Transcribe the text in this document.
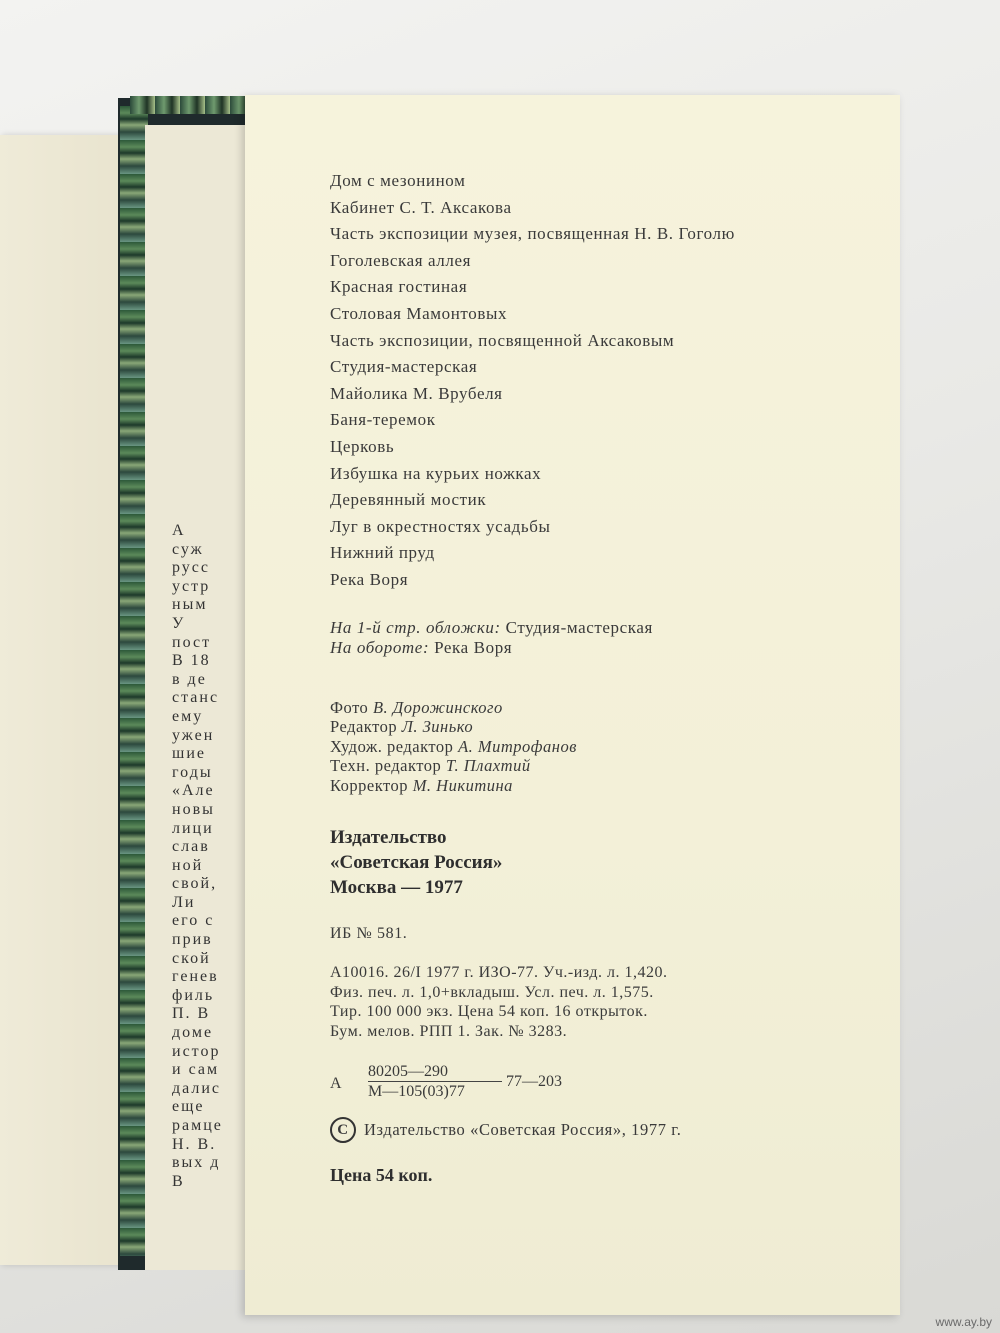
А
суж
русс
устр
ным
У
пост
В 18
в де
станс
ему
ужен
шие
годы
«Але
новы
лици
слав
ной
свой,
Ли
его с
прив
ской
генев
филь
П. В
доме
истор
и сам
далис
еще
рамце
Н. В.
вых д
В
Дом с мезонином
Кабинет С. Т. Аксакова
Часть экспозиции музея, посвященная Н. В. Гоголю
Гоголевская аллея
Красная гостиная
Столовая Мамонтовых
Часть экспозиции, посвященной Аксаковым
Студия-мастерская
Майолика М. Врубеля
Баня-теремок
Церковь
Избушка на курьих ножках
Деревянный мостик
Луг в окрестностях усадьбы
Нижний пруд
Река Воря
На 1-й стр. обложки: Студия-мастерская
На обороте: Река Воря
Фото В. Дорожинского
Редактор Л. Зинько
Худож. редактор А. Митрофанов
Техн. редактор Т. Плахтий
Корректор М. Никитина
Издательство
«Советская Россия»
Москва — 1977
ИБ № 581.
А10016. 26/I 1977 г. ИЗО-77. Уч.-изд. л. 1,420.
Физ. печ. л. 1,0+вкладыш. Усл. печ. л. 1,575.
Тир. 100 000 экз. Цена 54 коп. 16 открыток.
Бум. мелов. РПП 1. Зак. № 3283.
А
80205—290
М—105(03)77
77—203
С Издательство «Советская Россия», 1977 г.
Цена 54 коп.
www.ay.by
